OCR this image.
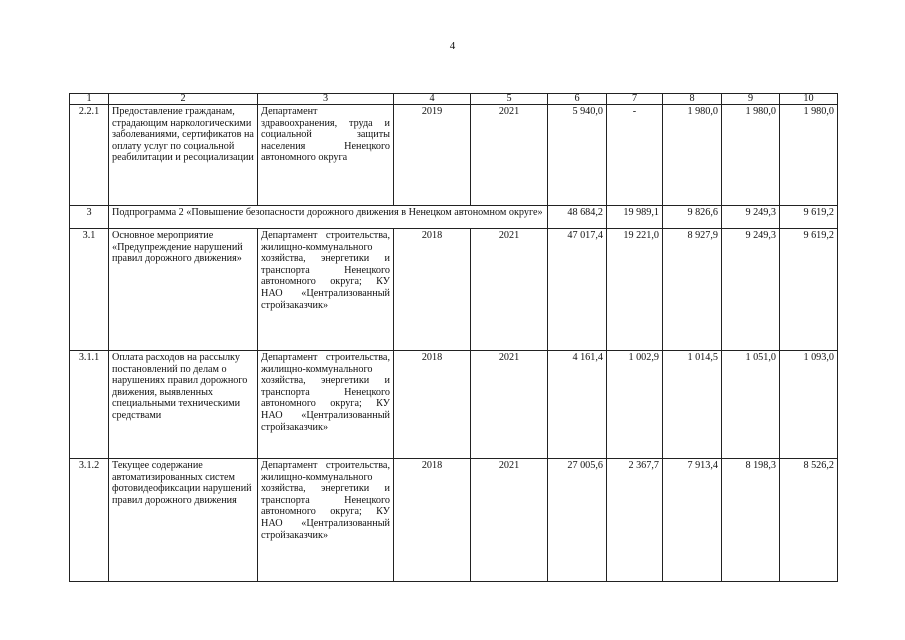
4
1	2	3	4	5	6	7	8	9	10
2.2.1	Предоставление гражданам, страдающим наркологическими заболеваниями, сертификатов на оплату услуг по социальной реабилитации и ресоциализации	Департамент здравоохранения, труда и социальной защиты населения Ненецкого автономного округа	2019	2021	5 940,0	-	1 980,0	1 980,0	1 980,0
3	Подпрограмма 2 «Повышение безопасности дорожного движения в Ненецком автономном округе»				48 684,2	19 989,1	9 826,6	9 249,3	9 619,2
3.1	Основное мероприятие «Предупреждение нарушений правил дорожного движения»	Департамент строительства, жилищно-коммунального хозяйства, энергетики и транспорта Ненецкого автономного округа; КУ НАО «Централизованный стройзаказчик»	2018	2021	47 017,4	19 221,0	8 927,9	9 249,3	9 619,2
3.1.1	Оплата расходов на рассылку постановлений по делам о нарушениях правил дорожного движения, выявленных специальными техническими средствами	Департамент строительства, жилищно-коммунального хозяйства, энергетики и транспорта Ненецкого автономного округа; КУ НАО «Централизованный стройзаказчик»	2018	2021	4 161,4	1 002,9	1 014,5	1 051,0	1 093,0
3.1.2	Текущее содержание автоматизированных систем фотовидеофиксации нарушений правил дорожного движения	Департамент строительства, жилищно-коммунального хозяйства, энергетики и транспорта Ненецкого автономного округа; КУ НАО «Централизованный стройзаказчик»	2018	2021	27 005,6	2 367,7	7 913,4	8 198,3	8 526,2
